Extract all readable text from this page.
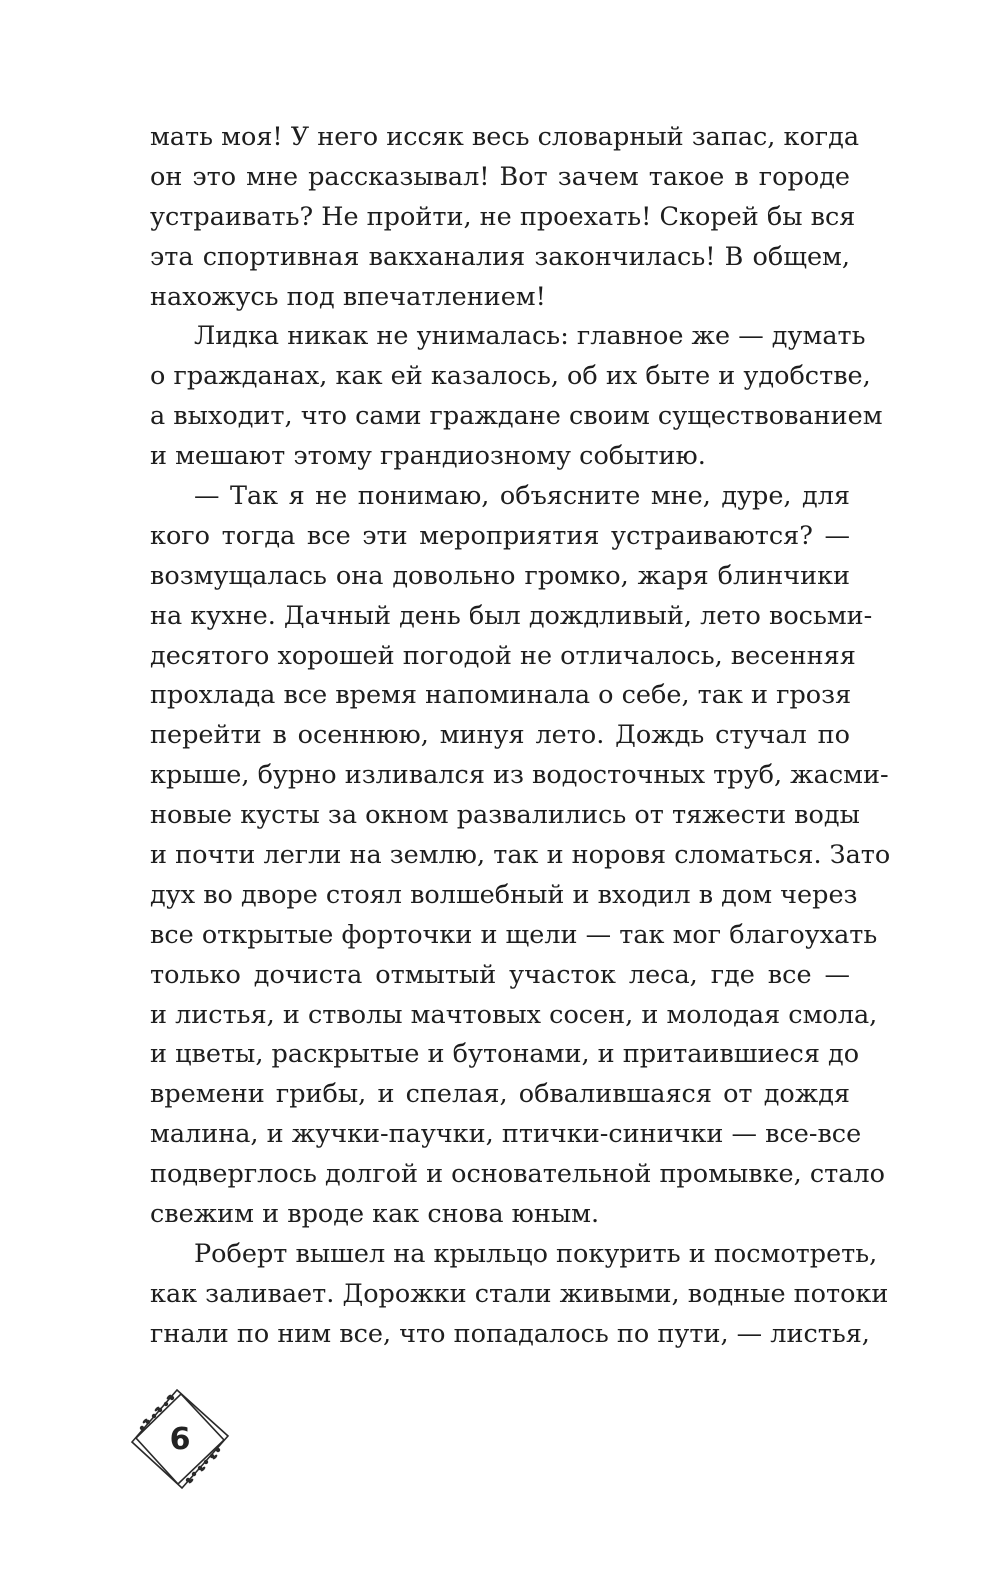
мать моя! У него иссяк весь словарный запас, когда
он это мне рассказывал! Вот зачем такое в городе
устраивать? Не пройти, не проехать! Скорей бы вся
эта спортивная вакханалия закончилась! В общем,
нахожусь под впечатлением!
Лидка никак не унималась: главное же — думать
о гражданах, как ей казалось, об их быте и удобстве,
а выходит, что сами граждане своим существованием
и мешают этому грандиозному событию.
— Так я не понимаю, объясните мне, дуре, для
кого тогда все эти мероприятия устраиваются? —
возмущалась она довольно громко, жаря блинчики
на кухне. Дачный день был дождливый, лето восьми-
десятого хорошей погодой не отличалось, весенняя
прохлада все время напоминала о себе, так и грозя
перейти в осеннюю, минуя лето. Дождь стучал по
крыше, бурно изливался из водосточных труб, жасми-
новые кусты за окном развалились от тяжести воды
и почти легли на землю, так и норовя сломаться. Зато
дух во дворе стоял волшебный и входил в дом через
все открытые форточки и щели — так мог благоухать
только дочиста отмытый участок леса, где все —
и листья, и стволы мачтовых сосен, и молодая смола,
и цветы, раскрытые и бутонами, и притаившиеся до
времени грибы, и спелая, обвалившаяся от дождя
малина, и жучки-паучки, птички-синички — все-все
подверглось долгой и основательной промывке, стало
свежим и вроде как снова юным.
Роберт вышел на крыльцо покурить и посмотреть,
как заливает. Дорожки стали живыми, водные потоки
гнали по ним все, что попадалось по пути, — листья,
6
